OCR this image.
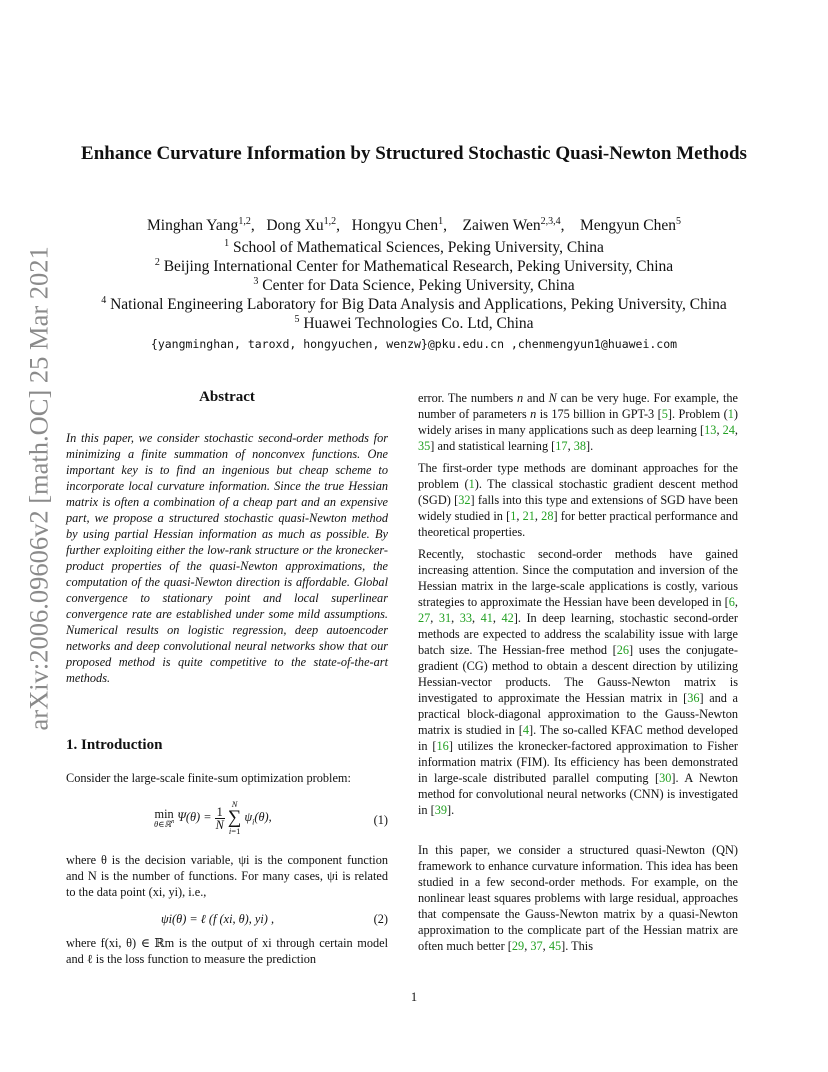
arXiv:2006.09606v2 [math.OC] 25 Mar 2021
Enhance Curvature Information by Structured Stochastic Quasi-Newton Methods
Minghan Yang$^{1,2}$,   Dong Xu$^{1,2}$,   Hongyu Chen$^1$,    Zaiwen Wen$^{2,3,4}$,    Mengyun Chen$^5$
$^1$ School of Mathematical Sciences, Peking University, China
$^2$ Beijing International Center for Mathematical Research, Peking University, China
$^3$ Center for Data Science, Peking University, China
$^4$ National Engineering Laboratory for Big Data Analysis and Applications, Peking University, China
$^5$ Huawei Technologies Co. Ltd, China
{yangminghan, taroxd, hongyuchen, wenzw}@pku.edu.cn ,chenmengyun1@huawei.com
Abstract
In this paper, we consider stochastic second-order methods for minimizing a finite summation of nonconvex functions. One important key is to find an ingenious but cheap scheme to incorporate local curvature information. Since the true Hessian matrix is often a combination of a cheap part and an expensive part, we propose a structured stochastic quasi-Newton method by using partial Hessian information as much as possible. By further exploiting either the low-rank structure or the kronecker-product properties of the quasi-Newton approximations, the computation of the quasi-Newton direction is affordable. Global convergence to stationary point and local superlinear convergence rate are established under some mild assumptions. Numerical results on logistic regression, deep autoencoder networks and deep convolutional neural networks show that our proposed method is quite competitive to the state-of-the-art methods.
1. Introduction
Consider the large-scale finite-sum optimization problem:
min
θ∈ℝ$^n$ $\Psi(\theta) = \frac{1}{N}$

N
∑
i=1
$\psi_i(\theta)$,	(1)
where θ is the decision variable, ψi is the component function and N is the number of functions. For many cases, ψi is related to the data point (xi, yi), i.e.,
ψi(θ) = ℓ (f (xi, θ), yi) ,	(2)
where f(xi, θ) ∈ ℝm is the output of xi through certain model and ℓ is the loss function to measure the prediction
error. The numbers n and N can be very huge. For example, the number of parameters n is 175 billion in GPT-3 [5]. Problem (1) widely arises in many applications such as deep learning [13, 24, 35] and statistical learning [17, 38].
The first-order type methods are dominant approaches for the problem (1). The classical stochastic gradient descent method (SGD) [32] falls into this type and extensions of SGD have been widely studied in [1, 21, 28] for better practical performance and theoretical properties.
Recently, stochastic second-order methods have gained increasing attention. Since the computation and inversion of the Hessian matrix in the large-scale applications is costly, various strategies to approximate the Hessian have been developed in [6, 27, 31, 33, 41, 42]. In deep learning, stochastic second-order methods are expected to address the scalability issue with large batch size. The Hessian-free method [26] uses the conjugate-gradient (CG) method to obtain a descent direction by utilizing Hessian-vector products. The Gauss-Newton matrix is investigated to approximate the Hessian matrix in [36] and a practical block-diagonal approximation to the Gauss-Newton matrix is studied in [4]. The so-called KFAC method developed in [16] utilizes the kronecker-factored approximation to Fisher information matrix (FIM). Its efficiency has been demonstrated in large-scale distributed parallel computing [30]. A Newton method for convolutional neural networks (CNN) is investigated in [39].
In this paper, we consider a structured quasi-Newton (QN) framework to enhance curvature information. This idea has been studied in a few second-order methods. For example, on the nonlinear least squares problems with large residual, approaches that compensate the Gauss-Newton matrix by a quasi-Newton approximation to the complicate part of the Hessian matrix are often much better [29, 37, 45]. This
1
